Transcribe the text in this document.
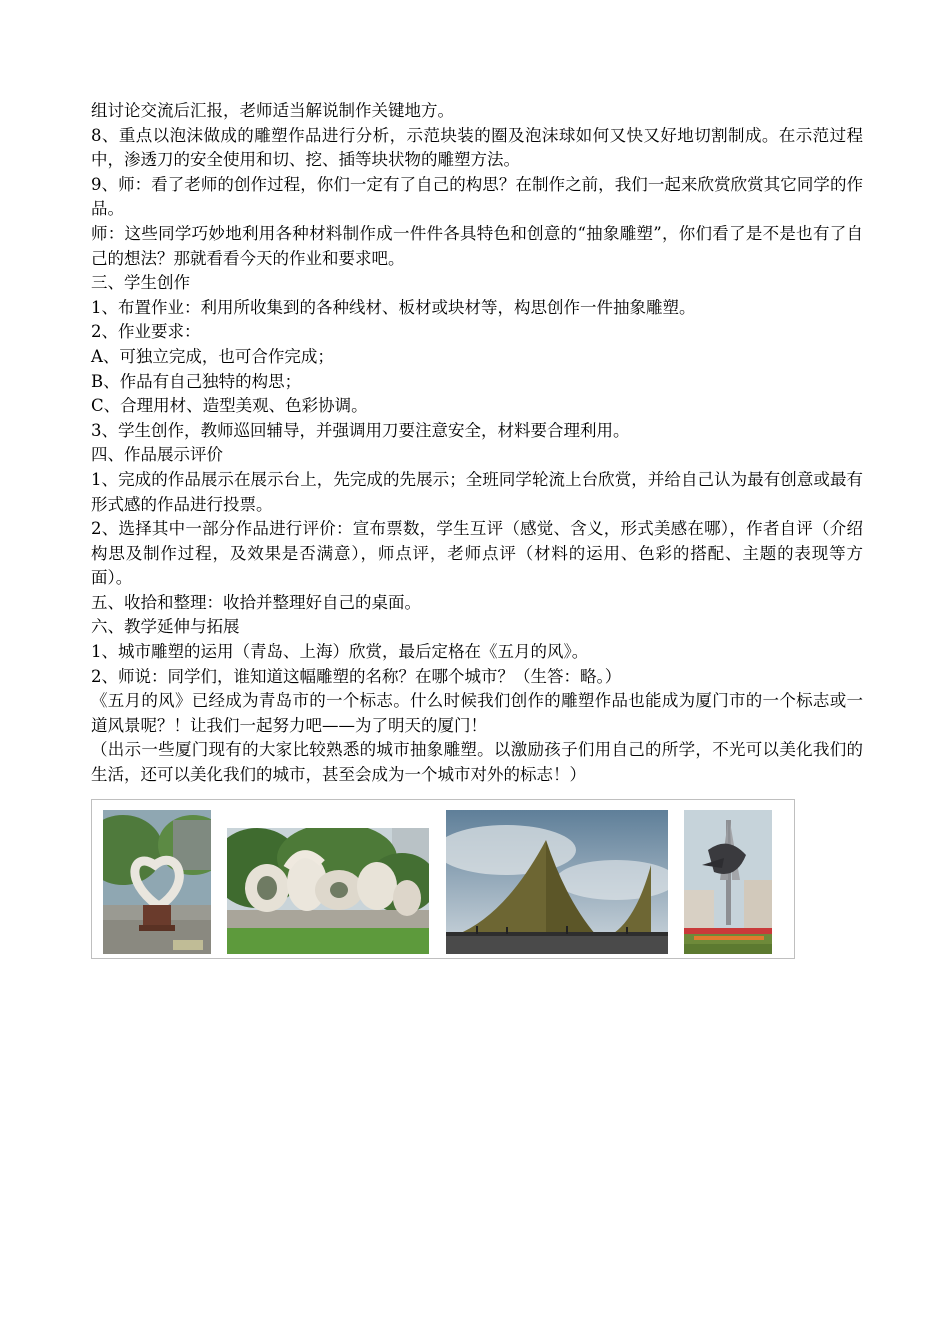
组讨论交流后汇报，老师适当解说制作关键地方。

8、重点以泡沫做成的雕塑作品进行分析，示范块装的圈及泡沫球如何又快又好地切割制成。在示范过程中，渗透刀的安全使用和切、挖、插等块状物的雕塑方法。

9、师：看了老师的创作过程，你们一定有了自己的构思？在制作之前，我们一起来欣赏欣赏其它同学的作品。

师：这些同学巧妙地利用各种材料制作成一件件各具特色和创意的“抽象雕塑”，你们看了是不是也有了自己的想法？那就看看今天的作业和要求吧。

三、学生创作

1、布置作业：利用所收集到的各种线材、板材或块材等，构思创作一件抽象雕塑。

2、作业要求：

A、可独立完成，也可合作完成；

B、作品有自己独特的构思；

C、合理用材、造型美观、色彩协调。

3、学生创作，教师巡回辅导，并强调用刀要注意安全，材料要合理利用。

四、作品展示评价

1、完成的作品展示在展示台上，先完成的先展示；全班同学轮流上台欣赏，并给自己认为最有创意或最有形式感的作品进行投票。

2、选择其中一部分作品进行评价：宣布票数，学生互评（感觉、含义，形式美感在哪），作者自评（介绍构思及制作过程，及效果是否满意），师点评，老师点评（材料的运用、色彩的搭配、主题的表现等方面）。

五、收拾和整理：收拾并整理好自己的桌面。

六、教学延伸与拓展

1、城市雕塑的运用（青岛、上海）欣赏，最后定格在《五月的风》。

2、师说：同学们，谁知道这幅雕塑的名称？在哪个城市？（生答：略。）

《五月的风》已经成为青岛市的一个标志。什么时候我们创作的雕塑作品也能成为厦门市的一个标志或一道风景呢？！让我们一起努力吧——为了明天的厦门！

（出示一些厦门现有的大家比较熟悉的城市抽象雕塑。以激励孩子们用自己的所学，不光可以美化我们的生活，还可以美化我们的城市，甚至会成为一个城市对外的标志！）
